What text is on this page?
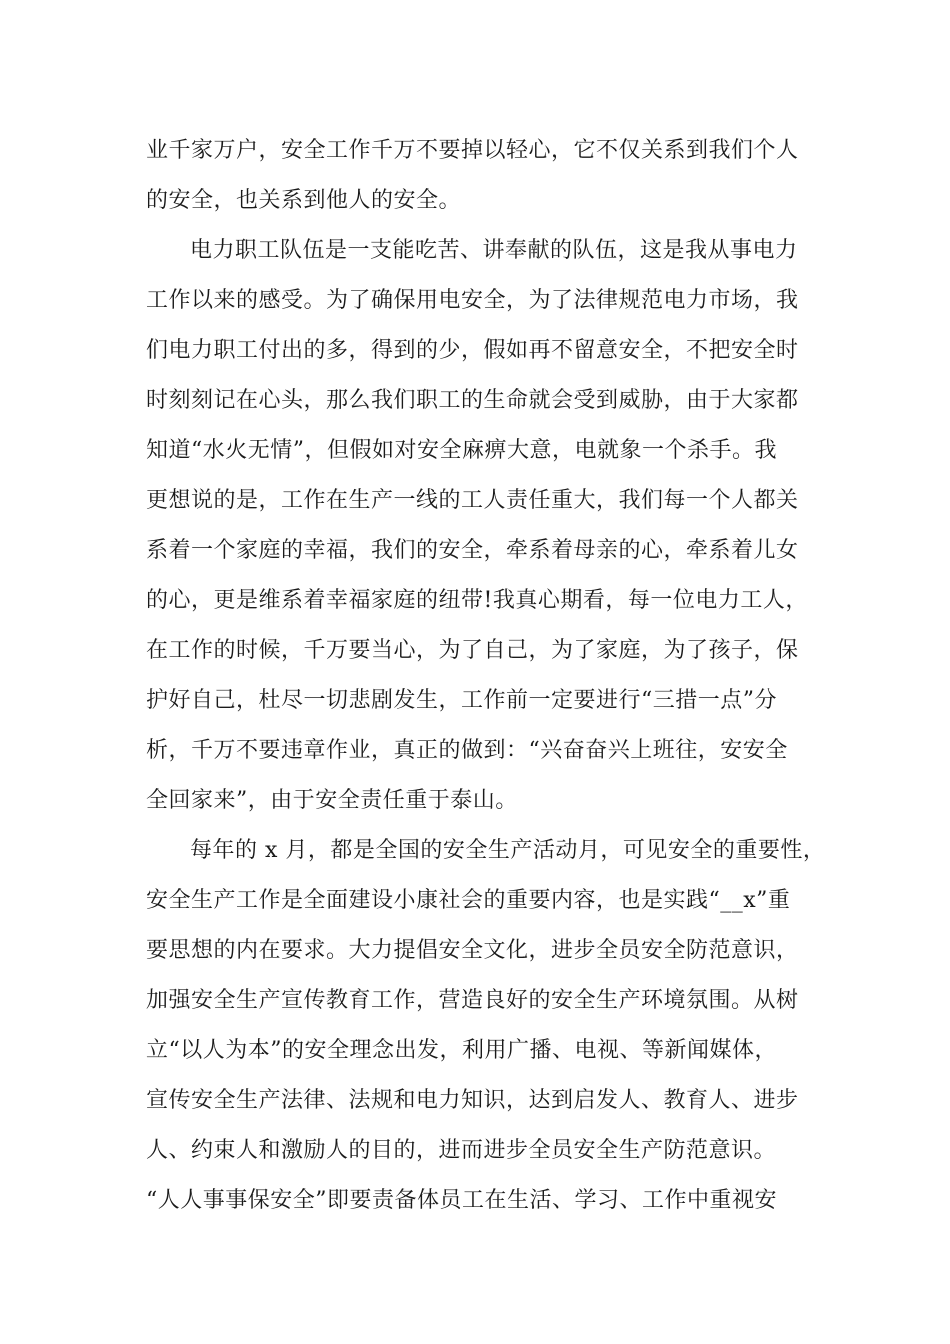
业千家万户，安全工作千万不要掉以轻心，它不仅关系到我们个人
的安全，也关系到他人的安全。
电力职工队伍是一支能吃苦、讲奉献的队伍，这是我从事电力
工作以来的感受。为了确保用电安全，为了法律规范电力市场，我
们电力职工付出的多，得到的少，假如再不留意安全，不把安全时
时刻刻记在心头，那么我们职工的生命就会受到威胁，由于大家都
知道“水火无情”，但假如对安全麻痹大意，电就象一个杀手。我
更想说的是，工作在生产一线的工人责任重大，我们每一个人都关
系着一个家庭的幸福，我们的安全，牵系着母亲的心，牵系着儿女
的心，更是维系着幸福家庭的纽带!我真心期看，每一位电力工人，
在工作的时候，千万要当心，为了自己，为了家庭，为了孩子，保
护好自己，杜尽一切悲剧发生，工作前一定要进行“三措一点”分
析，千万不要违章作业，真正的做到：“兴奋奋兴上班往，安安全
全回家来”，由于安全责任重于泰山。
每年的 x 月，都是全国的安全生产活动月，可见安全的重要性，
安全生产工作是全面建设小康社会的重要内容，也是实践“__x”重
要思想的内在要求。大力提倡安全文化，进步全员安全防范意识，
加强安全生产宣传教育工作，营造良好的安全生产环境氛围。从树
立“以人为本”的安全理念出发，利用广播、电视、等新闻媒体，
宣传安全生产法律、法规和电力知识，达到启发人、教育人、进步
人、约束人和激励人的目的，进而进步全员安全生产防范意识。
“人人事事保安全”即要责备体员工在生活、学习、工作中重视安
